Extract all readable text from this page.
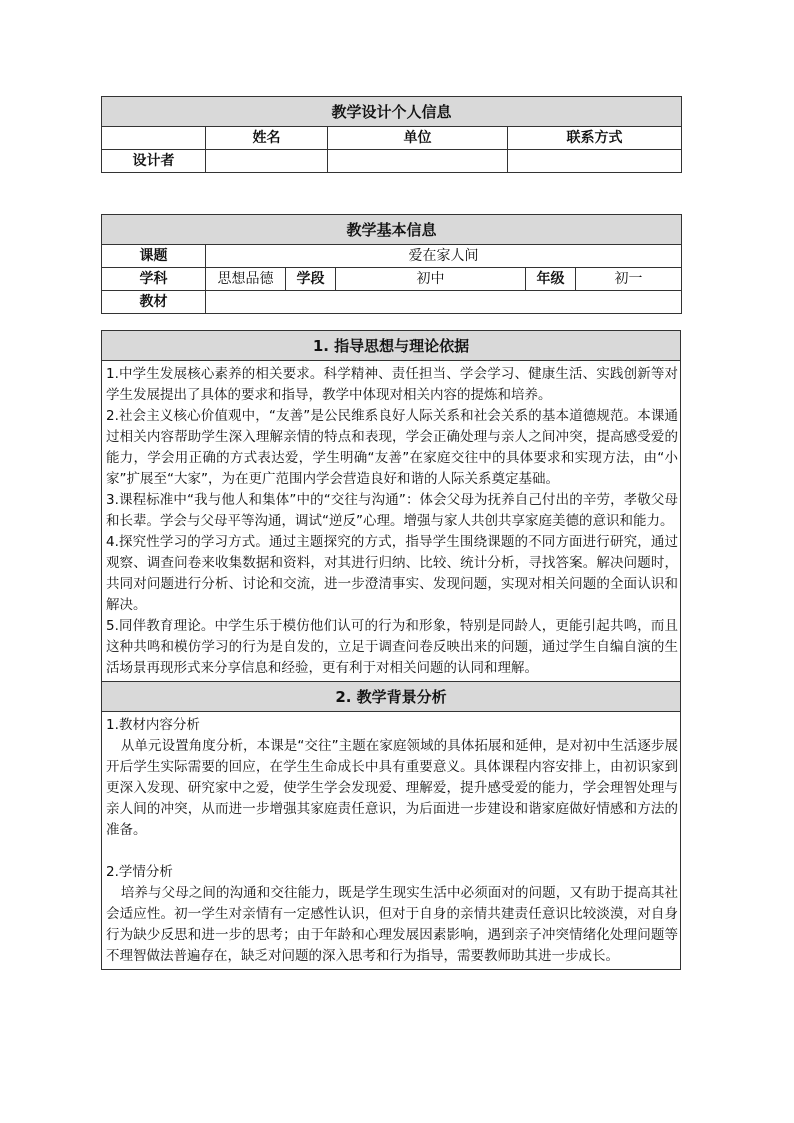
教学设计个人信息			
	姓名	单位	联系方式
设计者			
教学基本信息					
课题	爱在家人间				
学科	思想品德	学段	初中	年级	初一
教材					
1. 指导思想与理论依据

1.中学生发展核心素养的相关要求。科学精神、责任担当、学会学习、健康生活、实践创新等对学生发展提出了具体的要求和指导，教学中体现对相关内容的提炼和培养。

2.社会主义核心价值观中，“友善”是公民维系良好人际关系和社会关系的基本道德规范。本课通过相关内容帮助学生深入理解亲情的特点和表现，学会正确处理与亲人之间冲突，提高感受爱的能力，学会用正确的方式表达爱，学生明确“友善”在家庭交往中的具体要求和实现方法，由“小家”扩展至“大家”，为在更广范围内学会营造良好和谐的人际关系奠定基础。

3.课程标准中“我与他人和集体”中的“交往与沟通”：体会父母为抚养自己付出的辛劳，孝敬父母和长辈。学会与父母平等沟通，调试“逆反”心理。增强与家人共创共享家庭美德的意识和能力。

4.探究性学习的学习方式。通过主题探究的方式，指导学生围绕课题的不同方面进行研究，通过观察、调查问卷来收集数据和资料，对其进行归纳、比较、统计分析，寻找答案。解决问题时，共同对问题进行分析、讨论和交流，进一步澄清事实、发现问题，实现对相关问题的全面认识和解决。

5.同伴教育理论。中学生乐于模仿他们认可的行为和形象，特别是同龄人，更能引起共鸣，而且这种共鸣和模仿学习的行为是自发的，立足于调查问卷反映出来的问题，通过学生自编自演的生活场景再现形式来分享信息和经验，更有利于对相关问题的认同和理解。

2. 教学背景分析

1.教材内容分析

从单元设置角度分析，本课是“交往”主题在家庭领域的具体拓展和延伸，是对初中生活逐步展开后学生实际需要的回应，在学生生命成长中具有重要意义。具体课程内容安排上，由初识家到更深入发现、研究家中之爱，使学生学会发现爱、理解爱，提升感受爱的能力，学会理智处理与亲人间的冲突，从而进一步增强其家庭责任意识，为后面进一步建设和谐家庭做好情感和方法的准备。

2.学情分析

培养与父母之间的沟通和交往能力，既是学生现实生活中必须面对的问题，又有助于提高其社会适应性。初一学生对亲情有一定感性认识，但对于自身的亲情共建责任意识比较淡漠，对自身行为缺少反思和进一步的思考；由于年龄和心理发展因素影响，遇到亲子冲突情绪化处理问题等不理智做法普遍存在，缺乏对问题的深入思考和行为指导，需要教师助其进一步成长。
